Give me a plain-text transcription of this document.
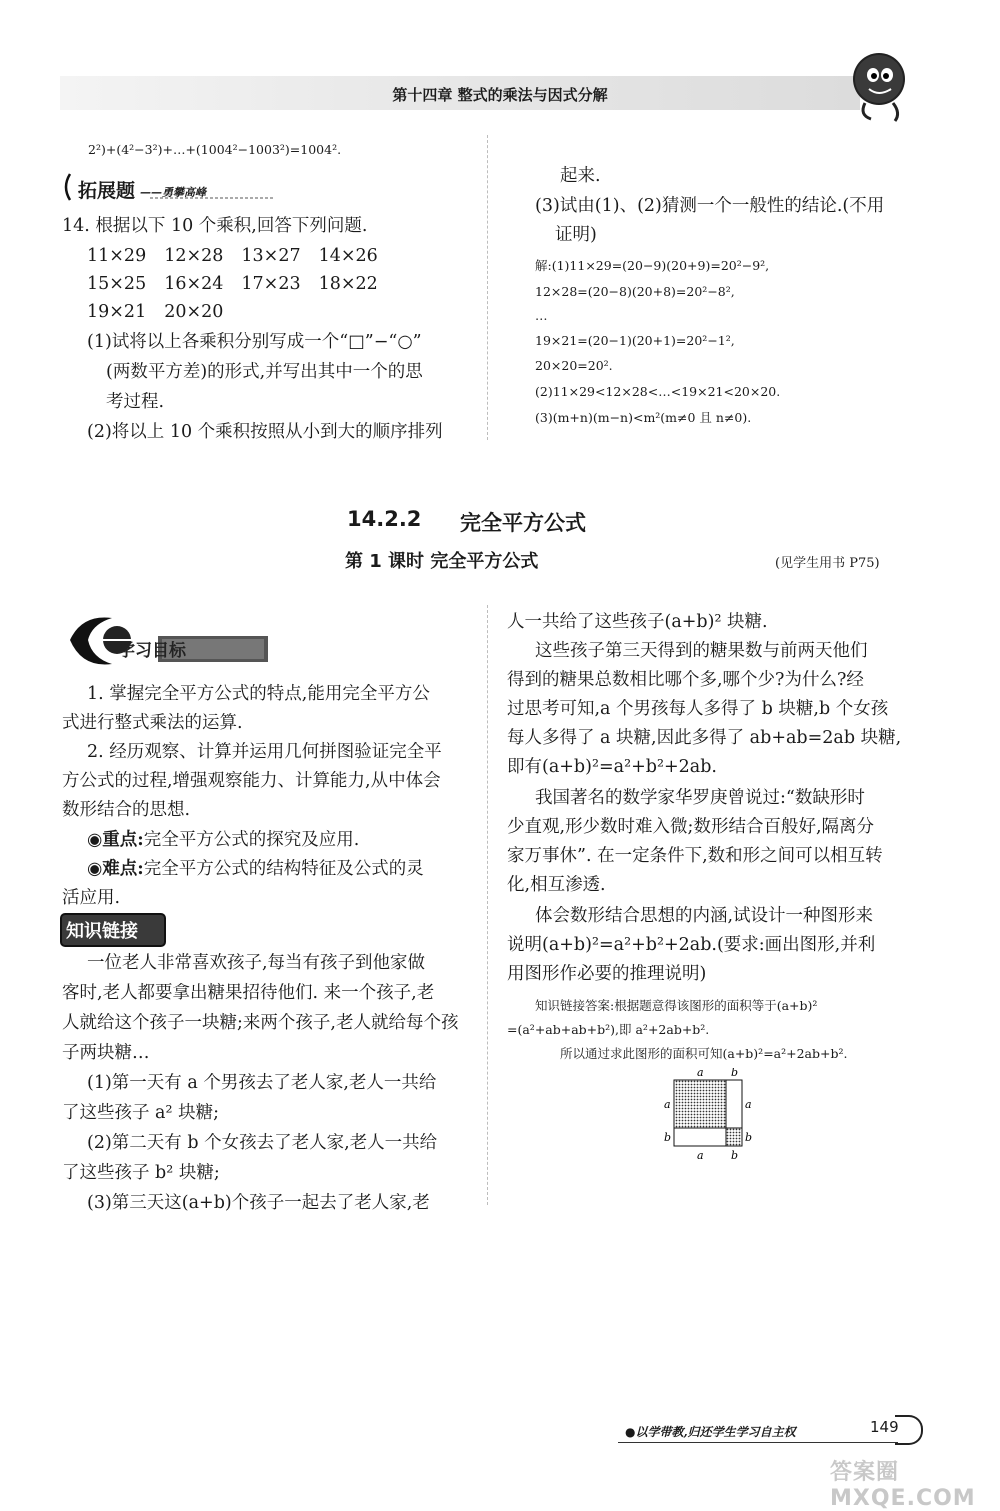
第十四章 整式的乘法与因式分解
2²)+(4²−3²)+…+(1004²−1003²)=1004².
拓展题 ——勇攀高峰
14. 根据以下 10 个乘积,回答下列问题.
11×29 12×28 13×27 14×26
15×25 16×24 17×23 18×22
19×21 20×20
(1)试将以上各乘积分别写成一个“□”−“○”
(两数平方差)的形式,并写出其中一个的思
考过程.
(2)将以上 10 个乘积按照从小到大的顺序排列
起来.
(3)试由(1)、(2)猜测一个一般性的结论.(不用
证明)
解:(1)11×29=(20−9)(20+9)=20²−9²,
12×28=(20−8)(20+8)=20²−8²,
…
19×21=(20−1)(20+1)=20²−1²,
20×20=20².
(2)11×29<12×28<…<19×21<20×20.
(3)(m+n)(m−n)<m²(m≠0 且 n≠0).
14.2.2 完全平方公式
第 1 课时 完全平方公式	(见学生用书 P75)
学习目标
1. 掌握完全平方公式的特点,能用完全平方公
式进行整式乘法的运算.
2. 经历观察、计算并运用几何拼图验证完全平
方公式的过程,增强观察能力、计算能力,从中体会
数形结合的思想.
◉重点:完全平方公式的探究及应用.
◉难点:完全平方公式的结构特征及公式的灵
活应用.
知识链接
一位老人非常喜欢孩子,每当有孩子到他家做
客时,老人都要拿出糖果招待他们. 来一个孩子,老
人就给这个孩子一块糖;来两个孩子,老人就给每个孩
子两块糖…
(1)第一天有 a 个男孩去了老人家,老人一共给
了这些孩子 a² 块糖;
(2)第二天有 b 个女孩去了老人家,老人一共给
了这些孩子 b² 块糖;
(3)第三天这(a+b)个孩子一起去了老人家,老
人一共给了这些孩子(a+b)² 块糖.
这些孩子第三天得到的糖果数与前两天他们
得到的糖果总数相比哪个多,哪个少?为什么?经
过思考可知,a 个男孩每人多得了 b 块糖,b 个女孩
每人多得了 a 块糖,因此多得了 ab+ab=2ab 块糖,
即有(a+b)²=a²+b²+2ab.
我国著名的数学家华罗庚曾说过:“数缺形时
少直观,形少数时难入微;数形结合百般好,隔离分
家万事休”. 在一定条件下,数和形之间可以相互转
化,相互渗透.
体会数形结合思想的内涵,试设计一种图形来
说明(a+b)²=a²+b²+2ab.(要求:画出图形,并利
用图形作必要的推理说明)
知识链接答案:根据题意得该图形的面积等于(a+b)²
=(a²+ab+ab+b²),即 a²+2ab+b².
所以通过求此图形的面积可知(a+b)²=a²+2ab+b².
a b
a	a
b	b
a b
●以学带教,归还学生学习自主权	149
答案圈 MXQE.COM
